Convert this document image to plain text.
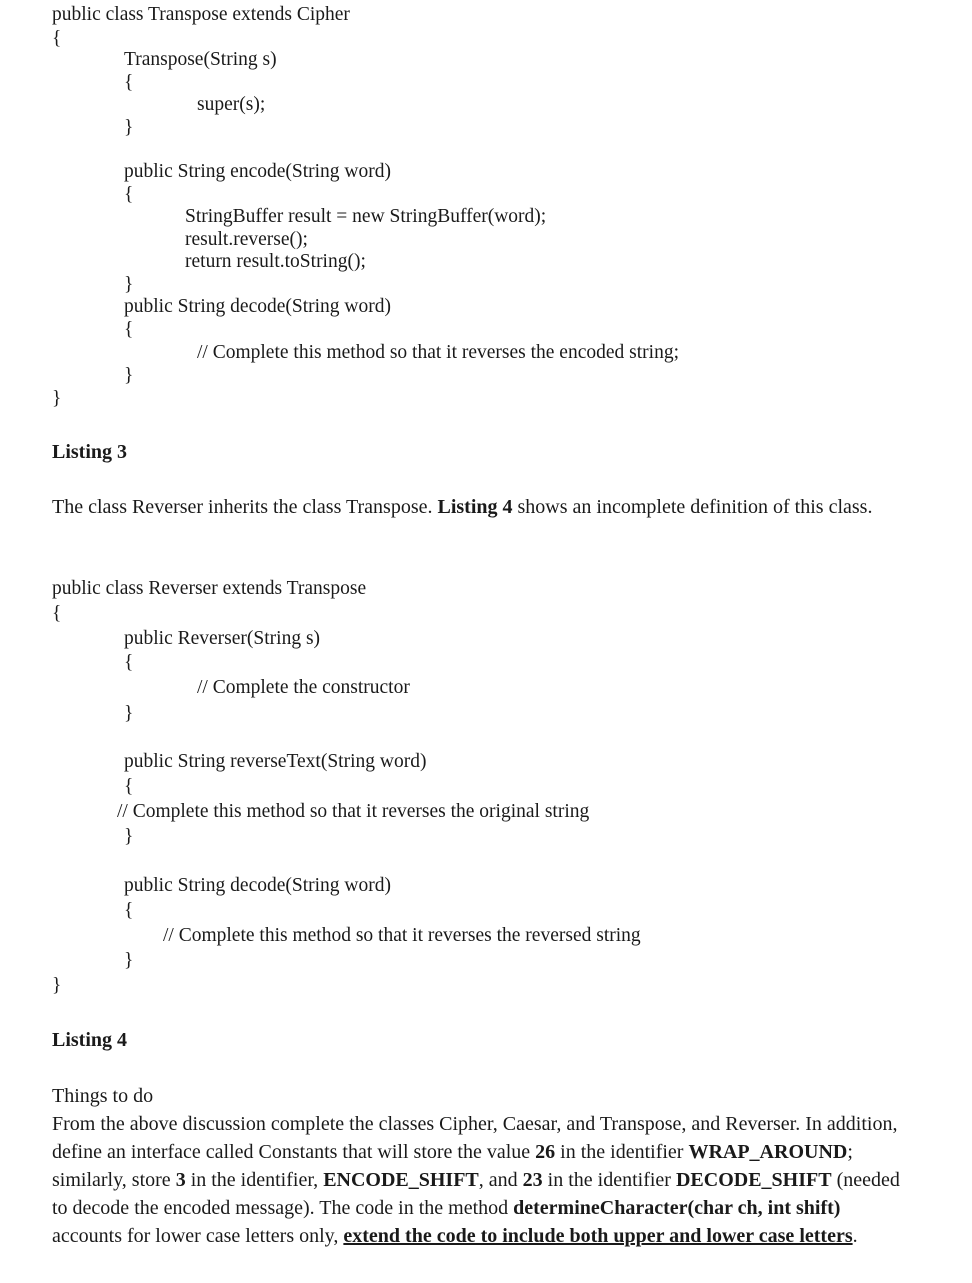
public class Transpose extends Cipher
{
Transpose(String s)
{
super(s);
}
public String encode(String word)
{
StringBuffer result = new StringBuffer(word);
result.reverse();
return result.toString();
}
public String decode(String word)
{
// Complete this method so that it reverses the encoded string;
}
}
Listing 3
The class Reverser inherits the class Transpose. Listing 4 shows an incomplete definition of this class.
public class Reverser extends Transpose
{
public Reverser(String s)
{
// Complete the constructor
}
public String reverseText(String word)
{
// Complete this method so that it reverses the original string
}
public String decode(String word)
{
// Complete this method so that it reverses the reversed string
}
}
Listing 4
Things to do
From the above discussion complete the classes Cipher, Caesar, and Transpose, and Reverser. In addition, define an interface called Constants that will store the value 26 in the identifier WRAP_AROUND; similarly, store 3 in the identifier, ENCODE_SHIFT, and 23 in the identifier DECODE_SHIFT (needed to decode the encoded message). The code in the method determineCharacter(char ch, int shift) accounts for lower case letters only, extend the code to include both upper and lower case letters.
